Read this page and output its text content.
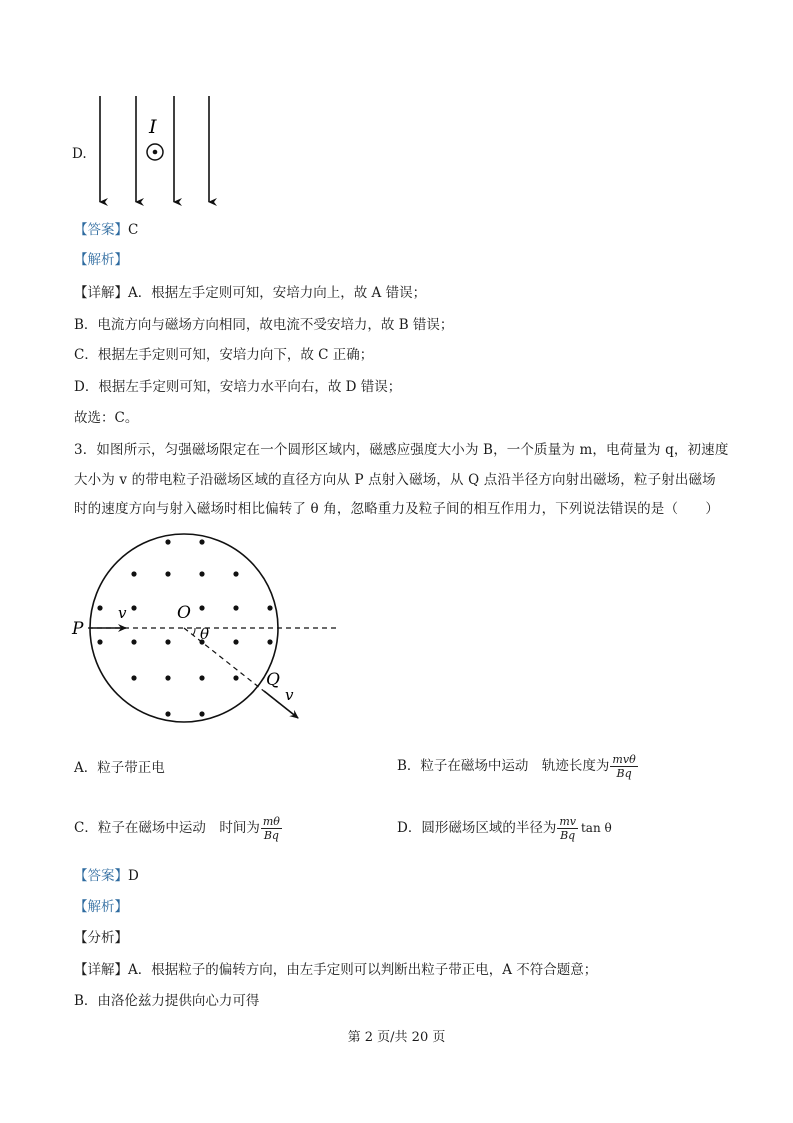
D.
I
【答案】C
【解析】
【详解】A．根据左手定则可知，安培力向上，故 A 错误；
B．电流方向与磁场方向相同，故电流不受安培力，故 B 错误；
C．根据左手定则可知，安培力向下，故 C 正确；
D．根据左手定则可知，安培力水平向右，故 D 错误；
故选：C。
3．如图所示，匀强磁场限定在一个圆形区域内，磁感应强度大小为 B，一个质量为 m，电荷量为 q，初速度
大小为 v 的带电粒子沿磁场区域的直径方向从 P 点射入磁场，从 Q 点沿半径方向射出磁场，粒子射出磁场
时的速度方向与射入磁场时相比偏转了 θ 角，忽略重力及粒子间的相互作用力，下列说法错误的是（　　）
P
v	O
θ
Q
v
A．粒子带正电	B．粒子在磁场中运动　轨迹长度为 $\frac{\text{mvθ}}{Bq}$
C．粒子在磁场中运动　时间为 $\frac{m\theta}{Bq}$	D．圆形磁场区域的半径为 $\frac{mv}{Bq}$ tan θ
【答案】D
【解析】
【分析】
【详解】A．根据粒子的偏转方向，由左手定则可以判断出粒子带正电，A 不符合题意；
B．由洛伦兹力提供向心力可得
第 2 页/共 20 页
